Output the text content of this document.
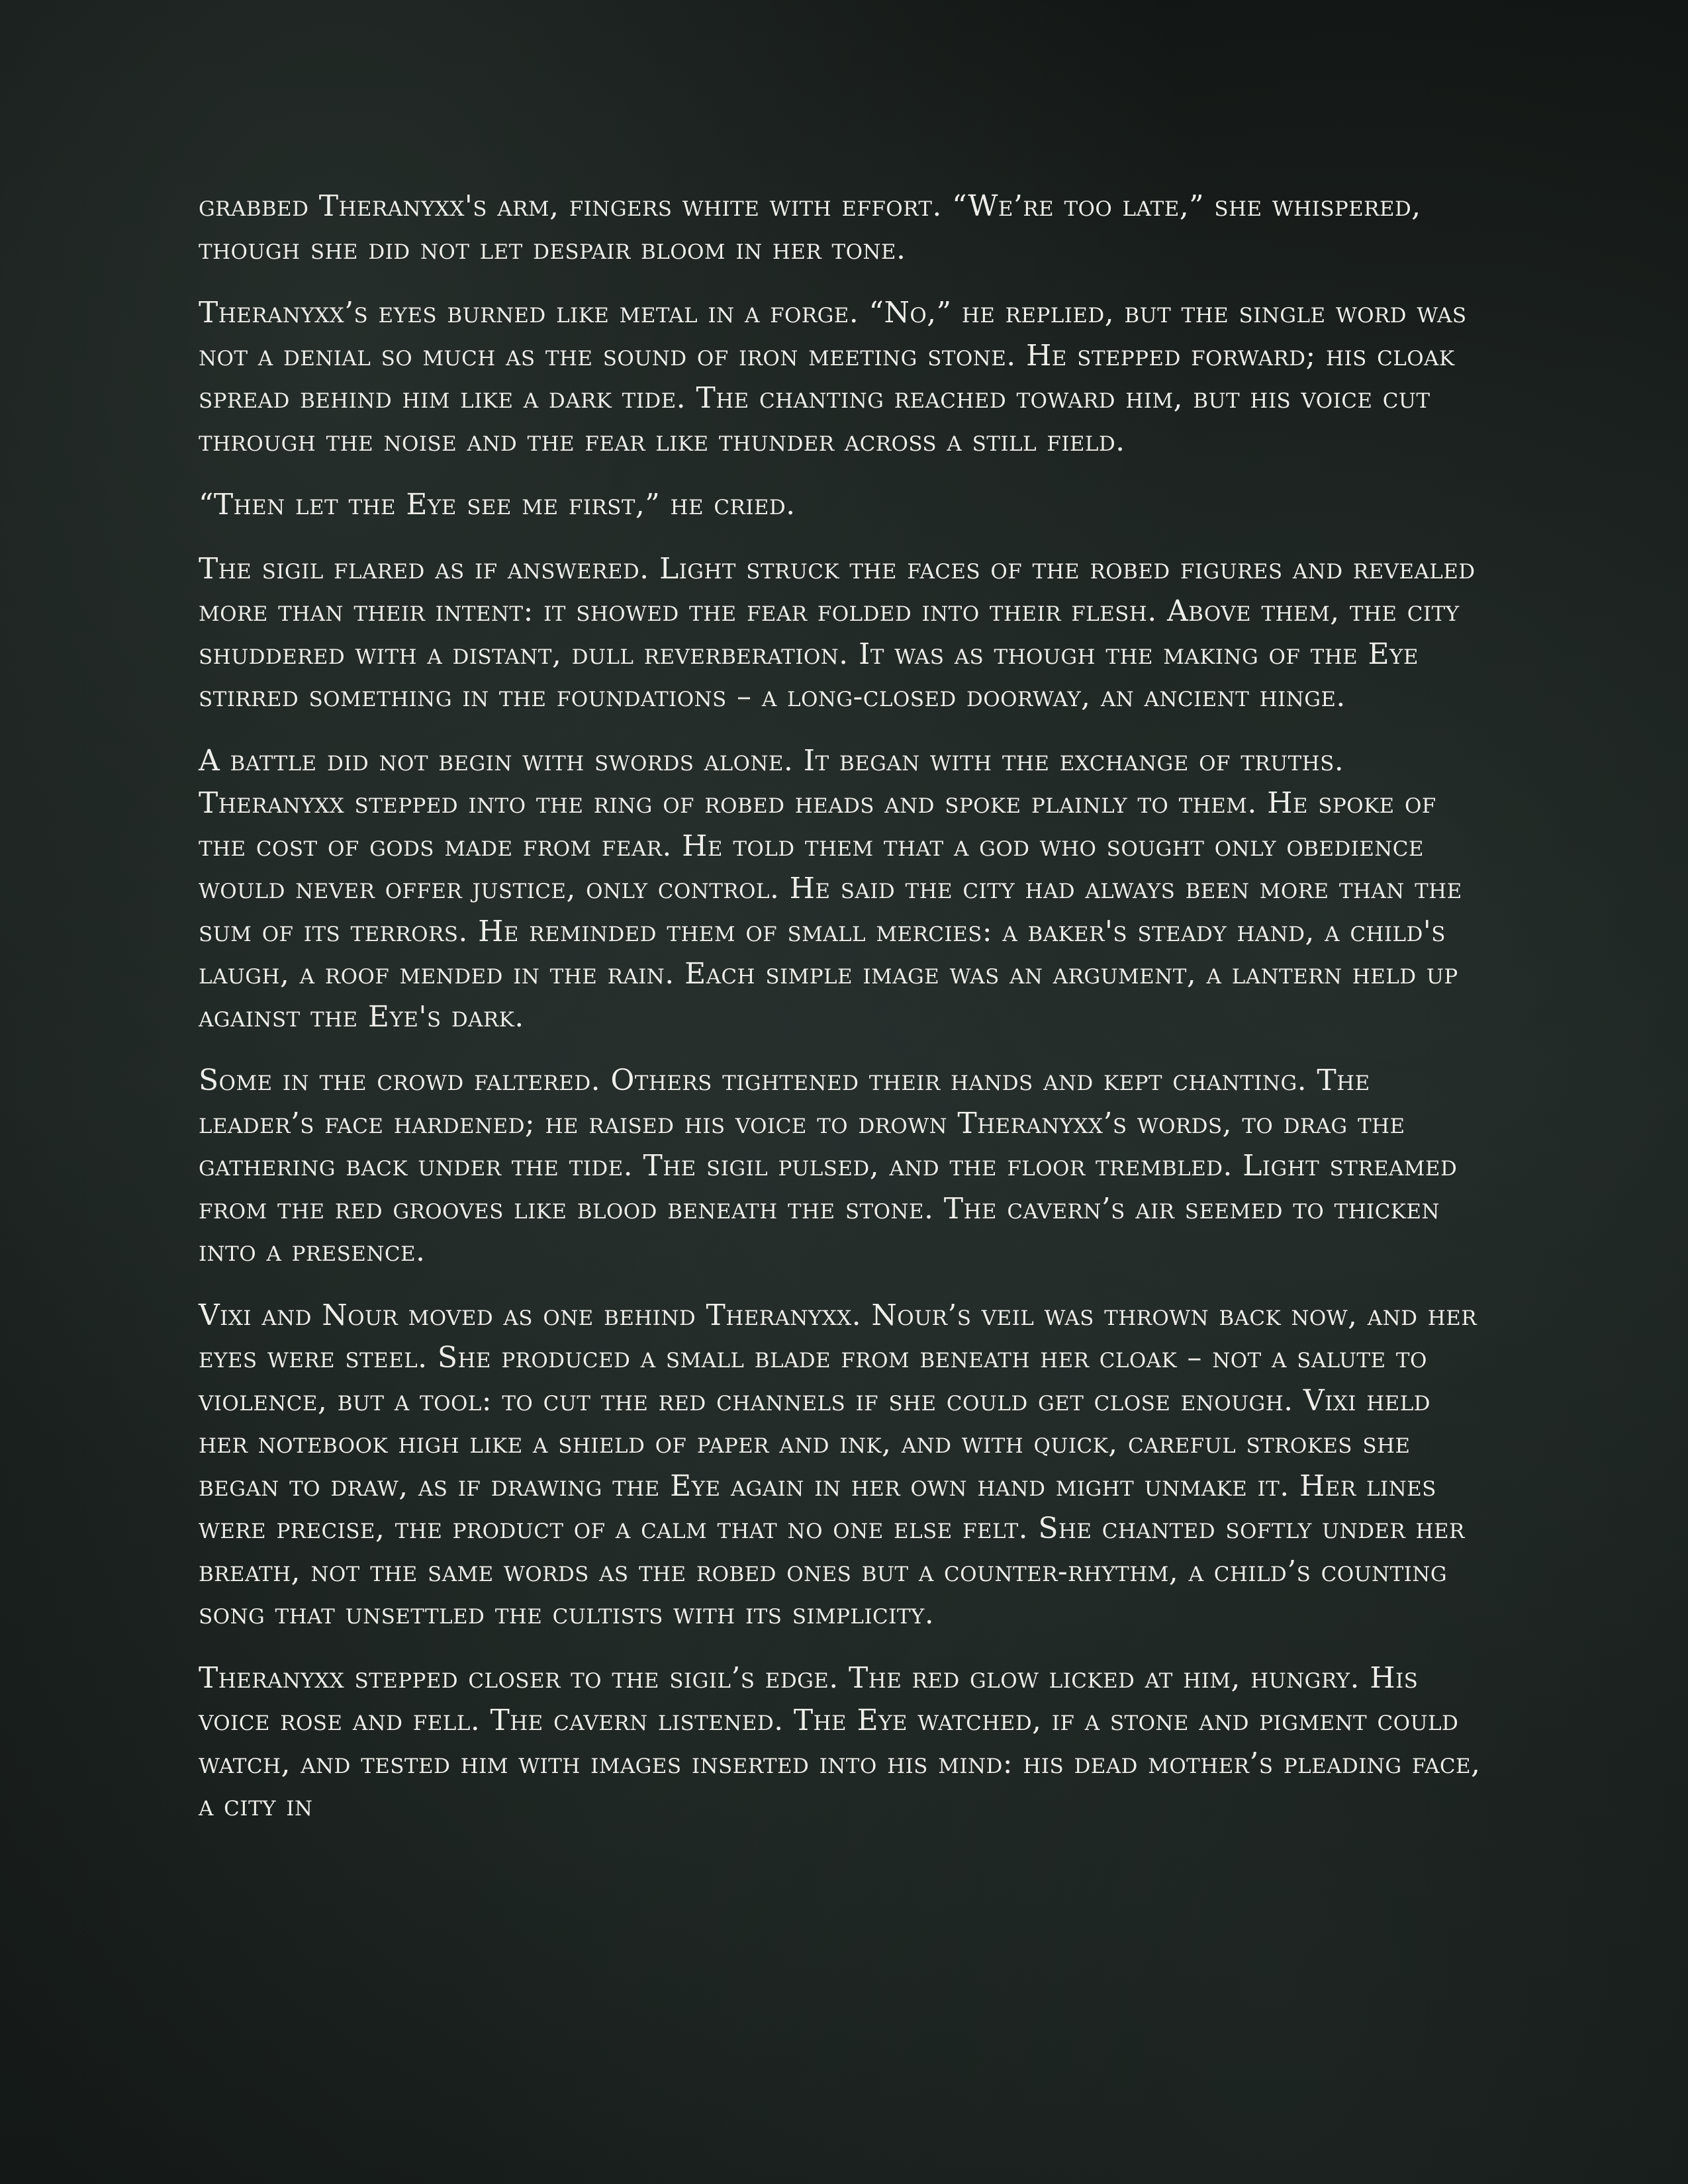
grabbed Theranyxx's arm, fingers white with effort. “We’re too late,” she whispered, though she did not let despair bloom in her tone.

Theranyxx’s eyes burned like metal in a forge. “No,” he replied, but the single word was not a denial so much as the sound of iron meeting stone. He stepped forward; his cloak spread behind him like a dark tide. The chanting reached toward him, but his voice cut through the noise and the fear like thunder across a still field.

“Then let the Eye see me first,” he cried.

The sigil flared as if answered. Light struck the faces of the robed figures and revealed more than their intent: it showed the fear folded into their flesh. Above them, the city shuddered with a distant, dull reverberation. It was as though the making of the Eye stirred something in the foundations – a long-closed doorway, an ancient hinge.

A battle did not begin with swords alone. It began with the exchange of truths. Theranyxx stepped into the ring of robed heads and spoke plainly to them. He spoke of the cost of gods made from fear. He told them that a god who sought only obedience would never offer justice, only control. He said the city had always been more than the sum of its terrors. He reminded them of small mercies: a baker's steady hand, a child's laugh, a roof mended in the rain. Each simple image was an argument, a lantern held up against the Eye's dark.

Some in the crowd faltered. Others tightened their hands and kept chanting. The leader’s face hardened; he raised his voice to drown Theranyxx’s words, to drag the gathering back under the tide. The sigil pulsed, and the floor trembled. Light streamed from the red grooves like blood beneath the stone. The cavern’s air seemed to thicken into a presence.

Vixi and Nour moved as one behind Theranyxx. Nour’s veil was thrown back now, and her eyes were steel. She produced a small blade from beneath her cloak – not a salute to violence, but a tool: to cut the red channels if she could get close enough. Vixi held her notebook high like a shield of paper and ink, and with quick, careful strokes she began to draw, as if drawing the Eye again in her own hand might unmake it. Her lines were precise, the product of a calm that no one else felt. She chanted softly under her breath, not the same words as the robed ones but a counter-rhythm, a child’s counting song that unsettled the cultists with its simplicity.

Theranyxx stepped closer to the sigil’s edge. The red glow licked at him, hungry. His voice rose and fell. The cavern listened. The Eye watched, if a stone and pigment could watch, and tested him with images inserted into his mind: his dead mother’s pleading face, a city in
